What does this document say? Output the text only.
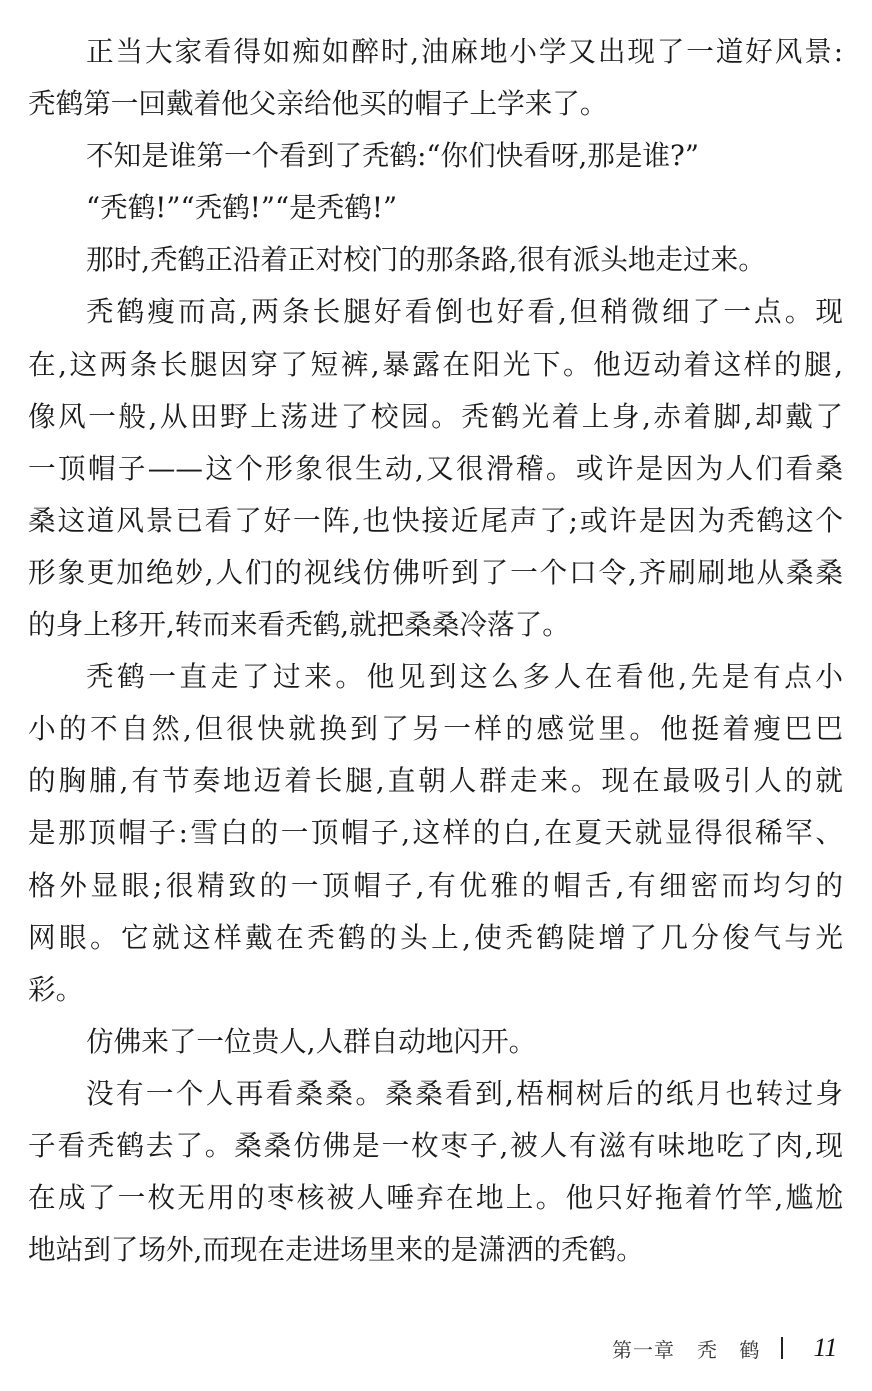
正当大家看得如痴如醉时,油麻地小学又出现了一道好风景:
秃鹤第一回戴着他父亲给他买的帽子上学来了。
不知是谁第一个看到了秃鹤:“你们快看呀,那是谁?”
“秃鹤!”“秃鹤!”“是秃鹤!”
那时,秃鹤正沿着正对校门的那条路,很有派头地走过来。
秃鹤瘦而高,两条长腿好看倒也好看,但稍微细了一点。现
在,这两条长腿因穿了短裤,暴露在阳光下。他迈动着这样的腿,
像风一般,从田野上荡进了校园。秃鹤光着上身,赤着脚,却戴了
一顶帽子——这个形象很生动,又很滑稽。或许是因为人们看桑
桑这道风景已看了好一阵,也快接近尾声了;或许是因为秃鹤这个
形象更加绝妙,人们的视线仿佛听到了一个口令,齐刷刷地从桑桑
的身上移开,转而来看秃鹤,就把桑桑冷落了。
秃鹤一直走了过来。他见到这么多人在看他,先是有点小
小的不自然,但很快就换到了另一样的感觉里。他挺着瘦巴巴
的胸脯,有节奏地迈着长腿,直朝人群走来。现在最吸引人的就
是那顶帽子:雪白的一顶帽子,这样的白,在夏天就显得很稀罕、
格外显眼;很精致的一顶帽子,有优雅的帽舌,有细密而均匀的
网眼。它就这样戴在秃鹤的头上,使秃鹤陡增了几分俊气与光
彩。
仿佛来了一位贵人,人群自动地闪开。
没有一个人再看桑桑。桑桑看到,梧桐树后的纸月也转过身
子看秃鹤去了。桑桑仿佛是一枚枣子,被人有滋有味地吃了肉,现
在成了一枚无用的枣核被人唾弃在地上。他只好拖着竹竿,尴尬
地站到了场外,而现在走进场里来的是潇洒的秃鹤。
第一章 秃 鹤 11
